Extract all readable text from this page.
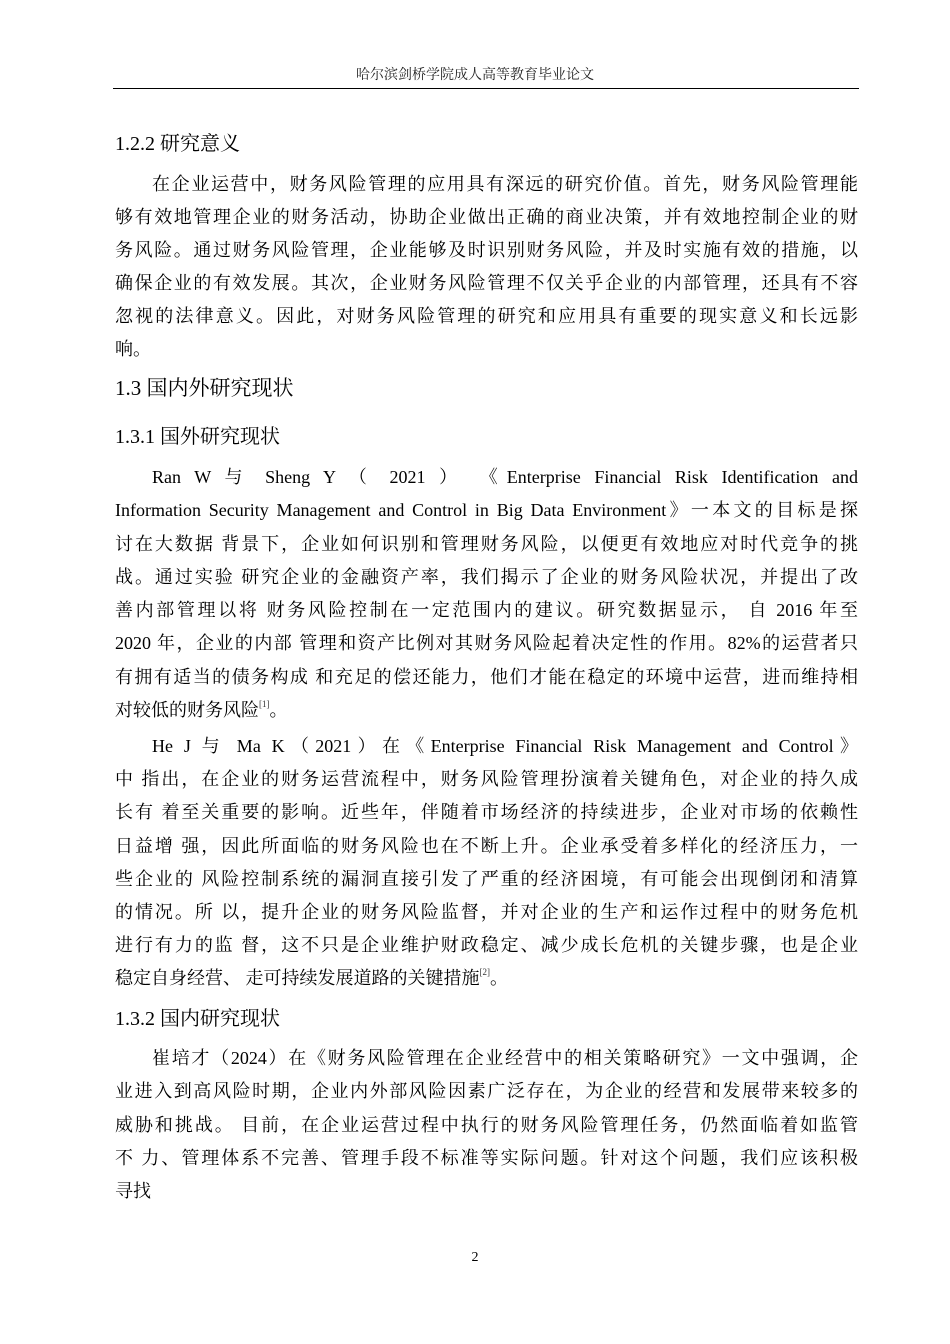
哈尔滨剑桥学院成人高等教育毕业论文
1.2.2 研究意义
1.3 国内外研究现状
1.3.1 国外研究现状
1.3.2 国内研究现状
在企业运营中，财务风险管理的应用具有深远的研究价值。首先，财务风险管理能
够有效地管理企业的财务活动，协助企业做出正确的商业决策，并有效地控制企业的财
务风险。通过财务风险管理，企业能够及时识别财务风险，并及时实施有效的措施，以
确保企业的有效发展。其次，企业财务风险管理不仅关乎企业的内部管理，还具有不容
忽视的法律意义。因此，对财务风险管理的研究和应用具有重要的现实意义和长远影
响。
Ran W 与 Sheng Y （ 2021 ） 《Enterprise Financial Risk Identification and
Information Security Management and Control in Big Data Environment》一本文的目标是探
讨在大数据 背景下，企业如何识别和管理财务风险，以便更有效地应对时代竞争的挑
战。通过实验 研究企业的金融资产率，我们揭示了企业的财务风险状况，并提出了改
善内部管理以将 财务风险控制在一定范围内的建议。研究数据显示， 自 2016 年至
2020 年，企业的内部 管理和资产比例对其财务风险起着决定性的作用。82%的运营者只
有拥有适当的债务构成 和充足的偿还能力，他们才能在稳定的环境中运营，进而维持相
对较低的财务风险[1]。
He J 与 Ma K（2021）在《Enterprise Financial Risk Management and Control》
中 指出，在企业的财务运营流程中，财务风险管理扮演着关键角色，对企业的持久成
长有 着至关重要的影响。近些年，伴随着市场经济的持续进步，企业对市场的依赖性
日益增 强，因此所面临的财务风险也在不断上升。企业承受着多样化的经济压力，一
些企业的 风险控制系统的漏洞直接引发了严重的经济困境，有可能会出现倒闭和清算
的情况。所 以，提升企业的财务风险监督，并对企业的生产和运作过程中的财务危机
进行有力的监 督，这不只是企业维护财政稳定、减少成长危机的关键步骤，也是企业
稳定自身经营、 走可持续发展道路的关键措施[2]。
崔培才（2024）在《财务风险管理在企业经营中的相关策略研究》一文中强调，企
业进入到高风险时期，企业内外部风险因素广泛存在，为企业的经营和发展带来较多的
威胁和挑战。 目前，在企业运营过程中执行的财务风险管理任务，仍然面临着如监管
不 力、管理体系不完善、管理手段不标准等实际问题。针对这个问题，我们应该积极
寻找
2
